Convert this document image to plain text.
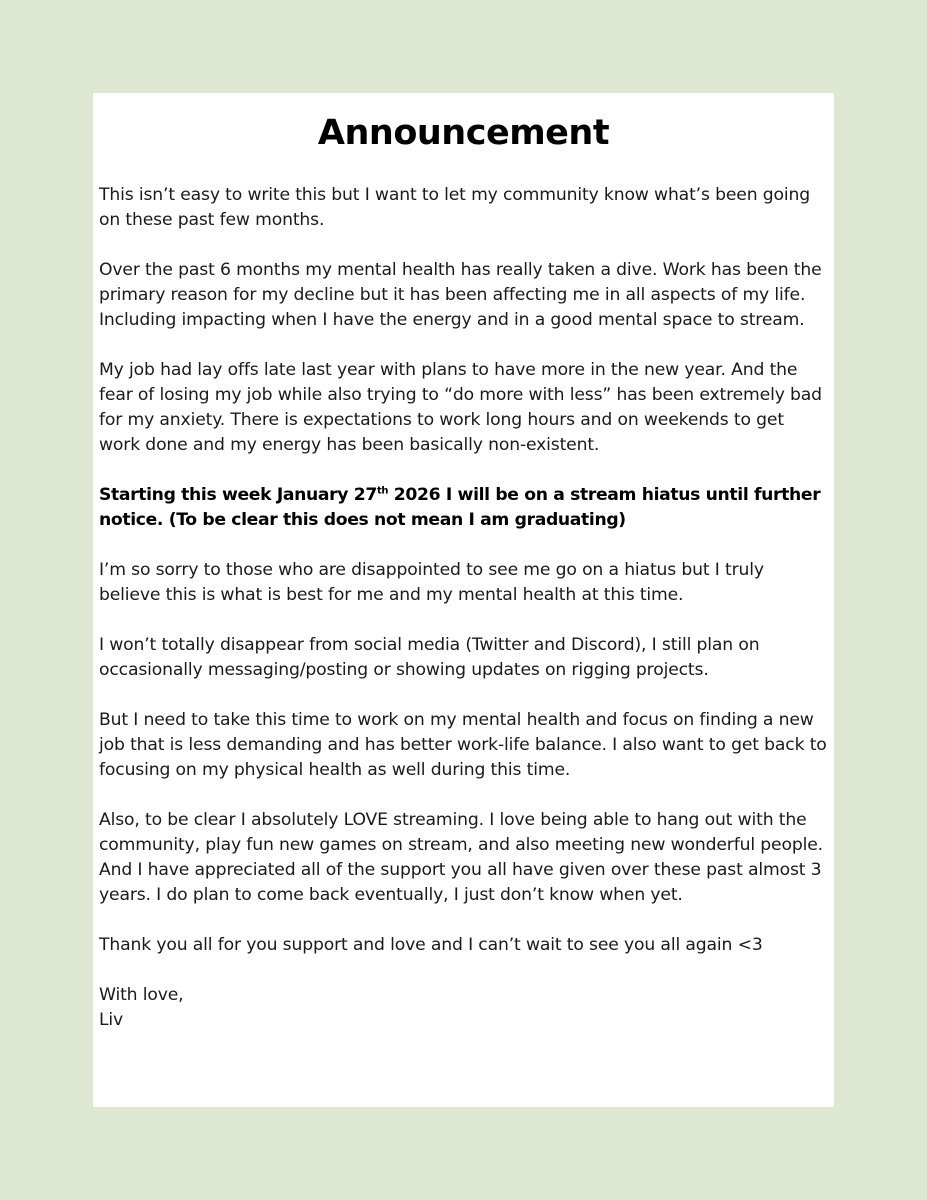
Announcement

This isn’t easy to write this but I want to let my community know what’s been going on these past few months.

Over the past 6 months my mental health has really taken a dive. Work has been the primary reason for my decline but it has been affecting me in all aspects of my life. Including impacting when I have the energy and in a good mental space to stream.

My job had lay offs late last year with plans to have more in the new year. And the fear of losing my job while also trying to “do more with less” has been extremely bad for my anxiety. There is expectations to work long hours and on weekends to get work done and my energy has been basically non-existent.

Starting this week January 27th 2026 I will be on a stream hiatus until further notice. (To be clear this does not mean I am graduating)

I’m so sorry to those who are disappointed to see me go on a hiatus but I truly believe this is what is best for me and my mental health at this time.

I won’t totally disappear from social media (Twitter and Discord), I still plan on occasionally messaging/posting or showing updates on rigging projects.

But I need to take this time to work on my mental health and focus on finding a new job that is less demanding and has better work-life balance. I also want to get back to focusing on my physical health as well during this time.

Also, to be clear I absolutely LOVE streaming. I love being able to hang out with the community, play fun new games on stream, and also meeting new wonderful people. And I have appreciated all of the support you all have given over these past almost 3 years. I do plan to come back eventually, I just don’t know when yet.

Thank you all for you support and love and I can’t wait to see you all again <3

With love,
Liv
